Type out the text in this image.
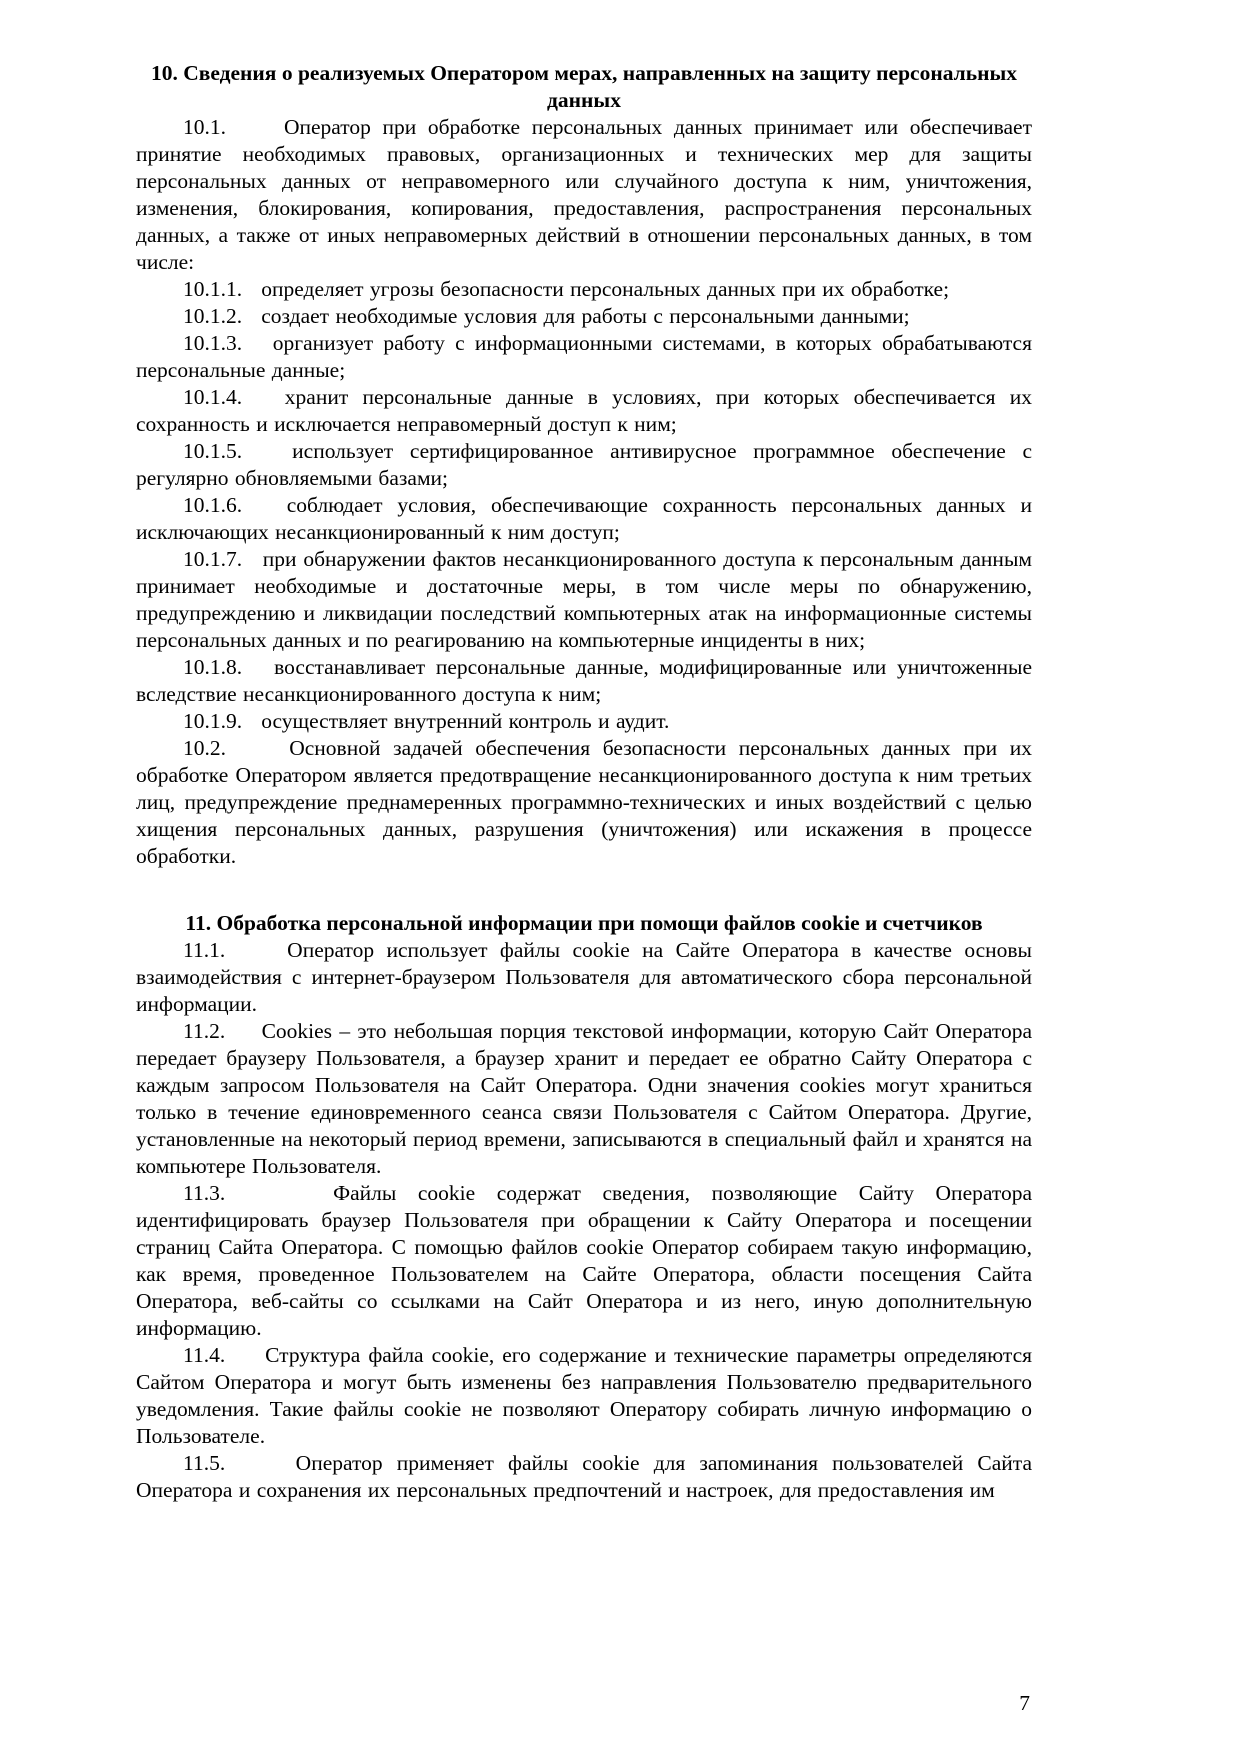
10. Сведения о реализуемых Оператором мерах, направленных на защиту персональных данных

10.1.     Оператор при обработке персональных данных принимает или обеспечивает принятие необходимых правовых, организационных и технических мер для защиты персональных данных от неправомерного или случайного доступа к ним, уничтожения, изменения, блокирования, копирования, предоставления, распространения персональных данных, а также от иных неправомерных действий в отношении персональных данных, в том числе:

10.1.1.   определяет угрозы безопасности персональных данных при их обработке;

10.1.2.   создает необходимые условия для работы с персональными данными;

10.1.3.   организует работу с информационными системами, в которых обрабатываются персональные данные;

10.1.4.   хранит персональные данные в условиях, при которых обеспечивается их сохранность и исключается неправомерный доступ к ним;

10.1.5.   использует сертифицированное антивирусное программное обеспечение с регулярно обновляемыми базами;

10.1.6.   соблюдает условия, обеспечивающие сохранность персональных данных и исключающих несанкционированный к ним доступ;

10.1.7.   при обнаружении фактов несанкционированного доступа к персональным данным принимает необходимые и достаточные меры, в том числе меры по обнаружению, предупреждению и ликвидации последствий компьютерных атак на информационные системы персональных данных и по реагированию на компьютерные инциденты в них;

10.1.8.   восстанавливает персональные данные, модифицированные или уничтоженные вследствие несанкционированного доступа к ним;

10.1.9.   осуществляет внутренний контроль и аудит.

10.2.     Основной задачей обеспечения безопасности персональных данных при их обработке Оператором является предотвращение несанкционированного доступа к ним третьих лиц, предупреждение преднамеренных программно-технических и иных воздействий с целью хищения персональных данных, разрушения (уничтожения) или искажения в процессе обработки.

11. Обработка персональной информации при помощи файлов cookie и счетчиков

11.1.     Оператор использует файлы cookie на Сайте Оператора в качестве основы взаимодействия с интернет-браузером Пользователя для автоматического сбора персональной информации.

11.2.     Cookies – это небольшая порция текстовой информации, которую Сайт Оператора передает браузеру Пользователя, а браузер хранит и передает ее обратно Сайту Оператора с каждым запросом Пользователя на Сайт Оператора. Одни значения cookies могут храниться только в течение единовременного сеанса связи Пользователя с Сайтом Оператора. Другие, установленные на некоторый период времени, записываются в специальный файл и хранятся на компьютере Пользователя.

11.3.     Файлы cookie содержат сведения, позволяющие Сайту Оператора идентифицировать браузер Пользователя при обращении к Сайту Оператора и посещении страниц Сайта Оператора. С помощью файлов cookie Оператор собираем такую информацию, как время, проведенное Пользователем на Сайте Оператора, области посещения Сайта Оператора, веб-сайты со ссылками на Сайт Оператора и из него, иную дополнительную информацию.

11.4.     Структура файла cookie, его содержание и технические параметры определяются Сайтом Оператора и могут быть изменены без направления Пользователю предварительного уведомления. Такие файлы cookie не позволяют Оператору собирать личную информацию о Пользователе.

11.5.     Оператор применяет файлы cookie для запоминания пользователей Сайта Оператора и сохранения их персональных предпочтений и настроек, для предоставления им

7
